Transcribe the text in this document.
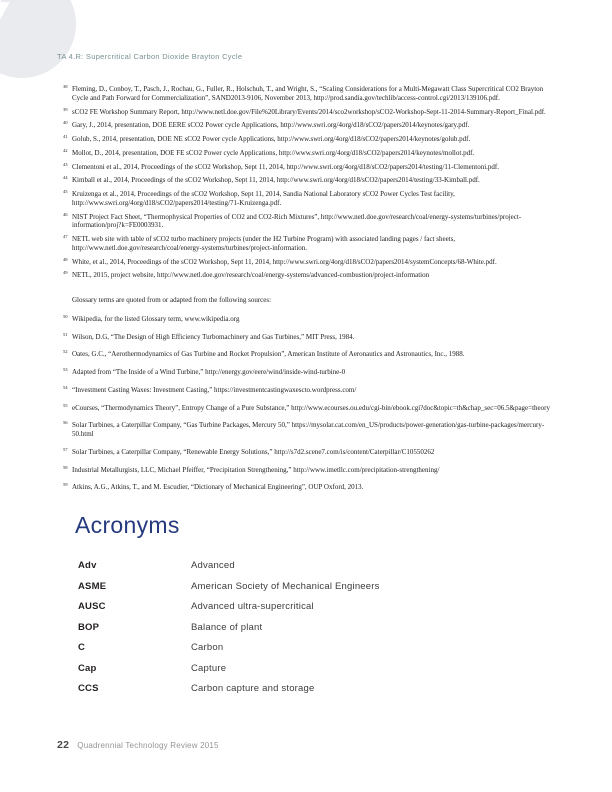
TA 4.R: Supercritical Carbon Dioxide Brayton Cycle
38 Fleming, D., Conboy, T., Pasch, J., Rochau, G., Fuller, R., Holschuh, T., and Wright, S., “Scaling Considerations for a Multi-Megawatt Class Supercritical CO2 Brayton Cycle and Path Forward for Commercialization”, SAND2013-9106, November 2013, http://prod.sandia.gov/techlib/access-control.cgi/2013/139106.pdf.
39 sCO2 FE Workshop Summary Report, http://www.netl.doe.gov/File%20Library/Events/2014/sco2workshop/sCO2-Workshop-Sept-11-2014-Summary-Report_Final.pdf.
40 Gary, J., 2014, presentation, DOE EERE sCO2 Power cycle Applications, http://www.swri.org/4org/d18/sCO2/papers2014/keynotes/gary.pdf.
41 Golub, S., 2014, presentation, DOE NE sCO2 Power cycle Applications, http://www.swri.org/4org/d18/sCO2/papers2014/keynotes/golub.pdf.
42 Mollot, D., 2014, presentation, DOE FE sCO2 Power cycle Applications, http://www.swri.org/4org/d18/sCO2/papers2014/keynotes/mollot.pdf.
43 Clementoni et al., 2014, Proceedings of the sCO2 Workshop, Sept 11, 2014, http://www.swri.org/4org/d18/sCO2/papers2014/testing/11-Clementoni.pdf.
44 Kimball et al., 2014, Proceedings of the sCO2 Workshop, Sept 11, 2014, http://www.swri.org/4org/d18/sCO2/papers2014/testing/33-Kimball.pdf.
45 Kruizenga et al., 2014, Proceedings of the sCO2 Workshop, Sept 11, 2014, Sandia National Laboratory sCO2 Power Cycles Test facility, http://www.swri.org/4org/d18/sCO2/papers2014/testing/71-Kruizenga.pdf.
46 NIST Project Fact Sheet, “Thermophysical Properties of CO2 and CO2-Rich Mixtures”, http://www.netl.doe.gov/research/coal/energy-systems/turbines/project-information/proj?k=FE0003931.
47 NETL web site with table of sCO2 turbo machinery projects (under the H2 Turbine Program) with associated landing pages / fact sheets, http://www.netl.doe.gov/research/coal/energy-systems/turbines/project-information.
48 White, et al., 2014, Proceedings of the sCO2 Workshop, Sept 11, 2014, http://www.swri.org/4org/d18/sCO2/papers2014/systemConcepts/68-White.pdf.
49 NETL, 2015, project website, http://www.netl.doe.gov/research/coal/energy-systems/advanced-combustion/project-information

Glossary terms are quoted from or adapted from the following sources:

50 Wikipedia, for the listed Glossary term, www.wikipedia.org
51 Wilson, D.G, “The Design of High Efficiency Turbomachinery and Gas Turbines,” MIT Press, 1984.
52 Oates, G.C., “Aerothermodynamics of Gas Turbine and Rocket Propulsion”, American Institute of Aeronautics and Astronautics, Inc., 1988.
53 Adapted from “The Inside of a Wind Turbine,” http://energy.gov/eere/wind/inside-wind-turbine-0
54 “Investment Casting Waxes: Investment Casting,” https://investmentcastingwaxescto.wordpress.com/
55 eCourses, “Thermodynamics Theory”, Entropy Change of a Pure Substance,” http://www.ecourses.ou.edu/cgi-bin/ebook.cgi?doc&topic=th&chap_sec=06.5&page=theory
56 Solar Turbines, a Caterpillar Company, “Gas Turbine Packages, Mercury 50,” https://mysolar.cat.com/en_US/products/power-generation/gas-turbine-packages/mercury-50.html
57 Solar Turbines, a Caterpillar Company, “Renewable Energy Solutions,” http://s7d2.scene7.com/is/content/Caterpillar/C10550262
58 Industrial Metallurgists, LLC, Michael Pfeiffer, “Precipitation Strengthening,” http://www.imetllc.com/precipitation-strengthening/
59 Atkins, A.G., Atkins, T., and M. Escudier, “Dictionary of Mechanical Engineering”, OUP Oxford, 2013.
Acronyms
Adv	Advanced
ASME	American Society of Mechanical Engineers
AUSC	Advanced ultra-supercritical
BOP	Balance of plant
C	Carbon
Cap	Capture
CCS	Carbon capture and storage
22 Quadrennial Technology Review 2015
